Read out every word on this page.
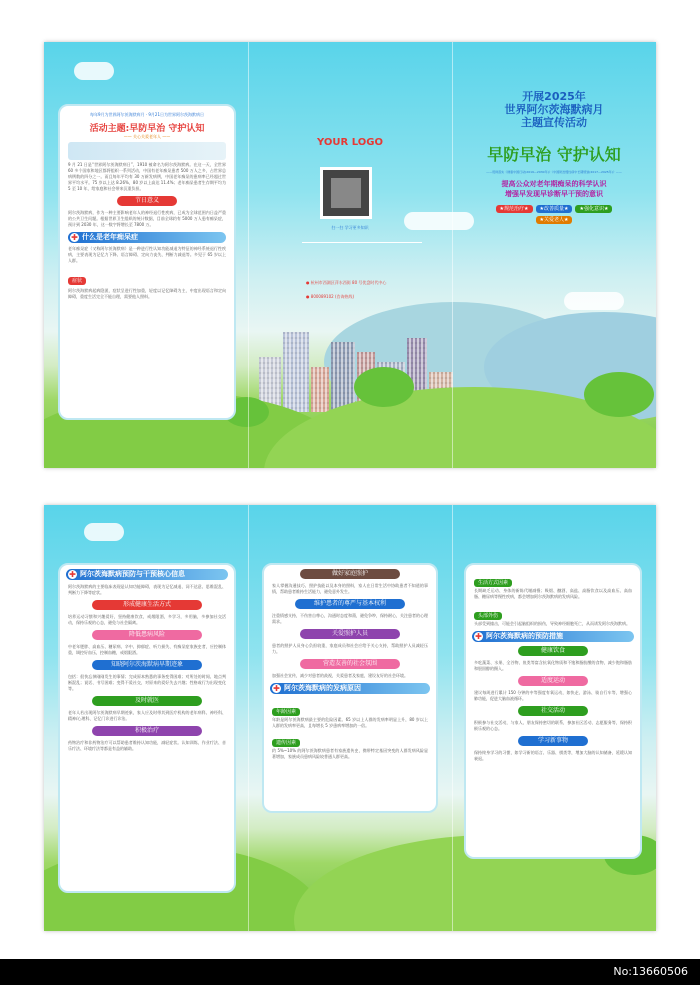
每年9月为世界阿尔茨海默病月 · 9月21日为世界阿尔茨海默病日
活动主题:早防早治 守护认知
—— 关心关爱老年人 ——
9 月 21 日是“世界阿尔茨海默病日”，1910 被命名为阿尔茨海默病。在这一天，全世界 60 多个国家和地区都将组织一系列活动，中国有老年痴呆患者 500 万人之多，占世界总病例数的四分之一。而且每年平均有 30 万新发病例，中国老年痴呆的患病率已经超过世界平均水平。75 岁以上达 8.26%，80 岁以上高达 11.4%；老年痴呆患者生存期平均为 5 至 10 年，给家庭和社会带来沉重负担。
节日意义
阿尔茨海默病，作为一种主要影响老年人的神经退行性疾病，已成为全球范围内日益严重的公共卫生问题。根据世界卫生组织的统计数据，目前全球约有 5000 万人患有痴呆症，预计到 2030 年，这一数字将增长至 7800 万。
✚ 什么是老年痴呆症
老年痴呆症（又称阿尔茨海默病）是一种进行性认知功能减退为特征的神经系统退行性疾病，主要表现为记忆力下降、语言障碍、定向力丧失、判断力减退等。多见于 65 岁以上人群。
症状
阿尔茨海默病起病隐匿，症状呈进行性加重，轻度以记忆障碍为主，中度出现语言和定向障碍，重度生活完全不能自理，需要他人照料。
YOUR LOGO
扫一扫 学习更多知识
● 杭州市西湖区萍水西街 80 号优盘时代中心
● 800089102 (咨询热线)
开展2025年
世界阿尔茨海默病月
主题宣传活动
早防早治 守护认知
——贯彻落实《健康中国行动(2019—2030年)》《中国防治慢性病中长期规划(2017—2025年)》——
提高公众对老年期痴呆的科学认识
增强早发现早诊断早干预的意识
★规范治疗★	★改善质量★	★强化意识★
★关爱老人★
✚ 阿尔茨海默病预防与干预核心信息
阿尔茨海默病的主要临床表现是认知功能障碍，表现为记忆减退、词不达意、思维混乱、判断力下降等症状。
形成健康生活方式
培养运动习惯和兴趣爱好，坚持健康饮食，戒烟限酒，多学习，多用脑，多参加社交活动，保持乐观的心态，避免与社会隔离。
降低患病风险
中老年肥胖、高血压、糖尿病、卒中、抑郁症、听力损失、有痴呆症家族史者，应控制体重，调控好血压，控制血糖，戒烟限酒。
知晓阿尔茨海默病早期迹象
包括：很快忘掉刚刚发生的事情；完成原本熟悉的事务变得困难；对所处的时间、地点判断混乱；说话、书写困难；变得不爱社交，对原来的爱好失去兴趣；性格或行为出现变化等。
及时就医
老年人若出现阿尔茨海默病早期迹象，家人应及时带其到医疗机构的老年病科、神经科、精神/心理科、记忆门诊进行诊治。
积极治疗
药物治疗和非药物治疗可以帮助患者维持认知功能，减轻症状。认知训练、作业疗法、音乐疗法、环境疗法等都是有益的辅助。
做好家庭照护
家人掌握沟通技巧、照护技能以及本身的照料，家人在日常生活中协助患者不知道的事情，帮助患者维持生活能力，避免意外发生。
维护患者的尊严与基本权利
注重情感支持，不伤害自尊心，沟通时态度和蔼，避免争吵，保持耐心，关注患者的心理需求。
关爱照护人员
患者的照护人员身心负担较重，家庭成员和社会应给予关心支持，帮助照护人员减轻压力。
营造友善的社会氛围
加强社会宣传，减少对患者的歧视，关爱患者及家庭，建设友好的社会环境。
✚ 阿尔茨海默病的发病原因
年龄因素
年龄是阿尔茨海默病最主要的危险因素。65 岁以上人群的发病率明显上升，80 岁以上人群的发病率更高，且每增长 5 岁患病率增加约一倍。
遗传因素
约 5%~10% 的阿尔茨海默病患者有家族遗传史，携带特定基因突变的人群发病风险显著增加，家族成员患病风险较普通人群更高。
生活方式因素
长期缺乏运动、身体的新陈代谢减慢；吸烟、酗酒、高盐、高脂饮食以及高血压、高血脂、糖尿病等慢性疾病，都会增加阿尔茨海默病的发病风险。
头部外伤
头部受到撞击，可能会引起脑组织的损伤，导致神经细胞死亡，从而诱发阿尔茨海默病。
✚ 阿尔茨海默病的预防措施
健康饮食
多吃蔬菜、水果、全谷物、鱼类等富含抗氧化物质和不饱和脂肪酸的食物，减少饱和脂肪和胆固醇的摄入。
适度运动
建议每周进行累计 150 分钟的中等强度有氧运动，如快走、游泳、骑自行车等，增强心肺功能，促进大脑血液循环。
社交活动
积极参与社交活动，与家人、朋友保持密切的联系，参加社区活动、志愿服务等，保持积极乐观的心态。
学习新事物
保持终身学习的习惯，如学习新的语言、乐器、棋类等，增加大脑的认知储备，延缓认知衰退。
No:13660506
